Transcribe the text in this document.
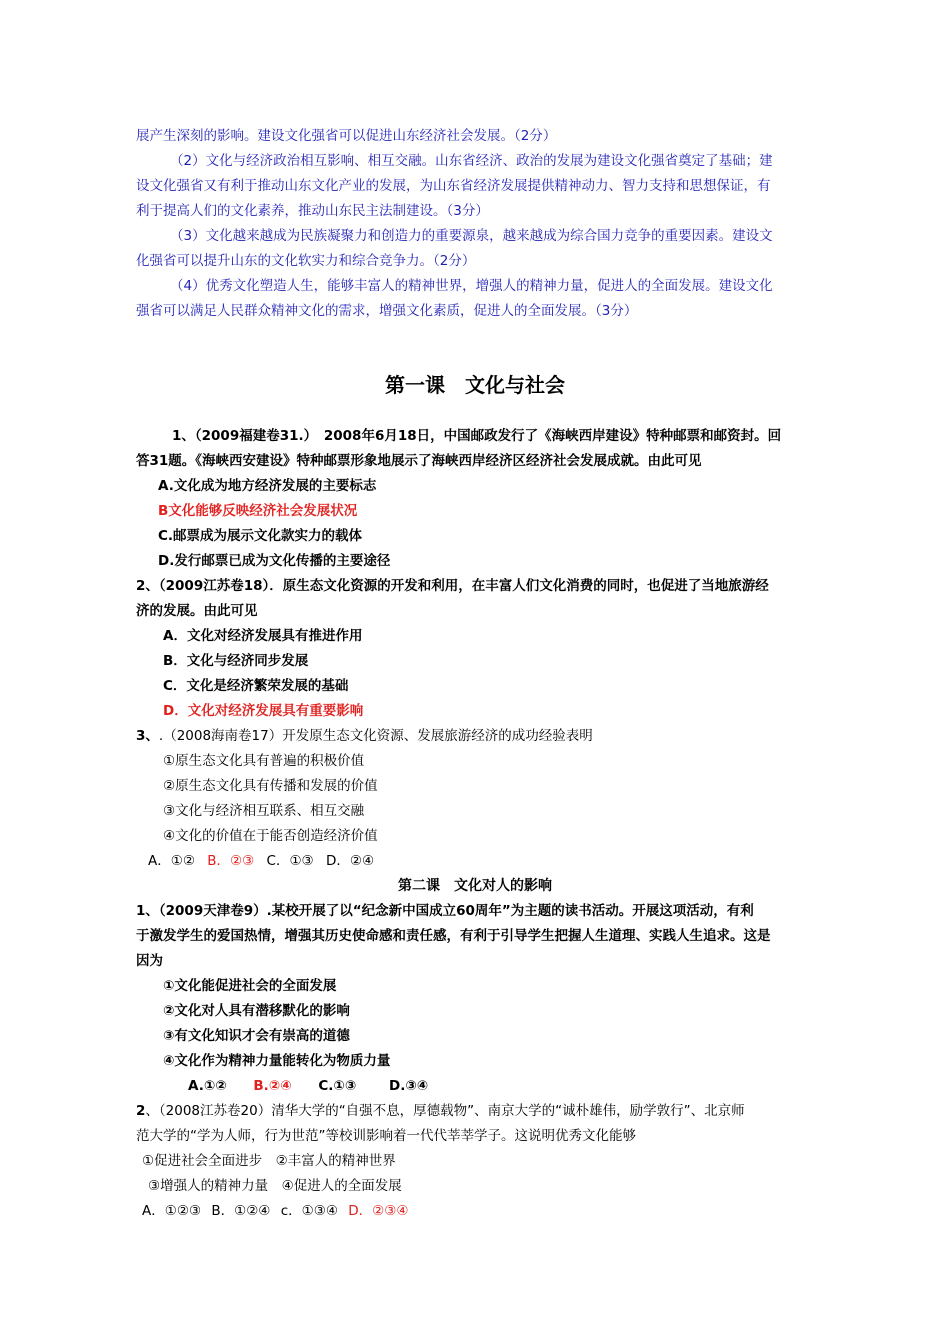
展产生深刻的影响。建设文化强省可以促进山东经济社会发展。（2分）
（2）文化与经济政治相互影响、相互交融。山东省经济、政治的发展为建设文化强省奠定了基础；建
设文化强省又有利于推动山东文化产业的发展，为山东省经济发展提供精神动力、智力支持和思想保证，有
利于提高人们的文化素养，推动山东民主法制建设。（3分）
（3）文化越来越成为民族凝聚力和创造力的重要源泉，越来越成为综合国力竞争的重要因素。建设文
化强省可以提升山东的文化软实力和综合竞争力。（2分）
（4）优秀文化塑造人生，能够丰富人的精神世界，增强人的精神力量，促进人的全面发展。建设文化
强省可以满足人民群众精神文化的需求，增强文化素质，促进人的全面发展。（3分）
第一课　文化与社会
1、（2009福建卷31.）　2008年6月18日，中国邮政发行了《海峡西岸建设》特种邮票和邮资封。回
答31题。《海峡西安建设》特种邮票形象地展示了海峡西岸经济区经济社会发展成就。由此可见
A.文化成为地方经济发展的主要标志
B文化能够反映经济社会发展状况
C.邮票成为展示文化款实力的载体
D.发行邮票已成为文化传播的主要途径
2、（2009江苏卷18）．原生态文化资源的开发和利用，在丰富人们文化消费的同时，也促进了当地旅游经
济的发展。由此可见
A．文化对经济发展具有推进作用
B．文化与经济同步发展
C．文化是经济繁荣发展的基础
D．文化对经济发展具有重要影响
3、.（2008海南卷17）开发原生态文化资源、发展旅游经济的成功经验表明
①原生态文化具有普遍的积极价值
②原生态文化具有传播和发展的价值
③文化与经济相互联系、相互交融
④文化的价值在于能否创造经济价值
A．①② B．②③ C．①③ D．②④
第二课　文化对人的影响
1、（2009天津卷9）.某校开展了以“纪念新中国成立60周年”为主题的读书活动。开展这项活动，有利
于激发学生的爱国热情，增强其历史使命感和责任感，有利于引导学生把握人生道理、实践人生追求。这是
因为
①文化能促进社会的全面发展
②文化对人具有潜移默化的影响
③有文化知识才会有崇高的道德
④文化作为精神力量能转化为物质力量
A.①② B.②④ C.①③ D.③④
2、（2008江苏卷20）清华大学的“自强不息，厚德载物”、南京大学的“诚朴雄伟，励学敦行”、北京师
范大学的“学为人师，行为世范”等校训影响着一代代莘莘学子。这说明优秀文化能够
①促进社会全面进步　②丰富人的精神世界
③增强人的精神力量　④促进人的全面发展
A．①②③ B．①②④ c．①③④ D．②③④
